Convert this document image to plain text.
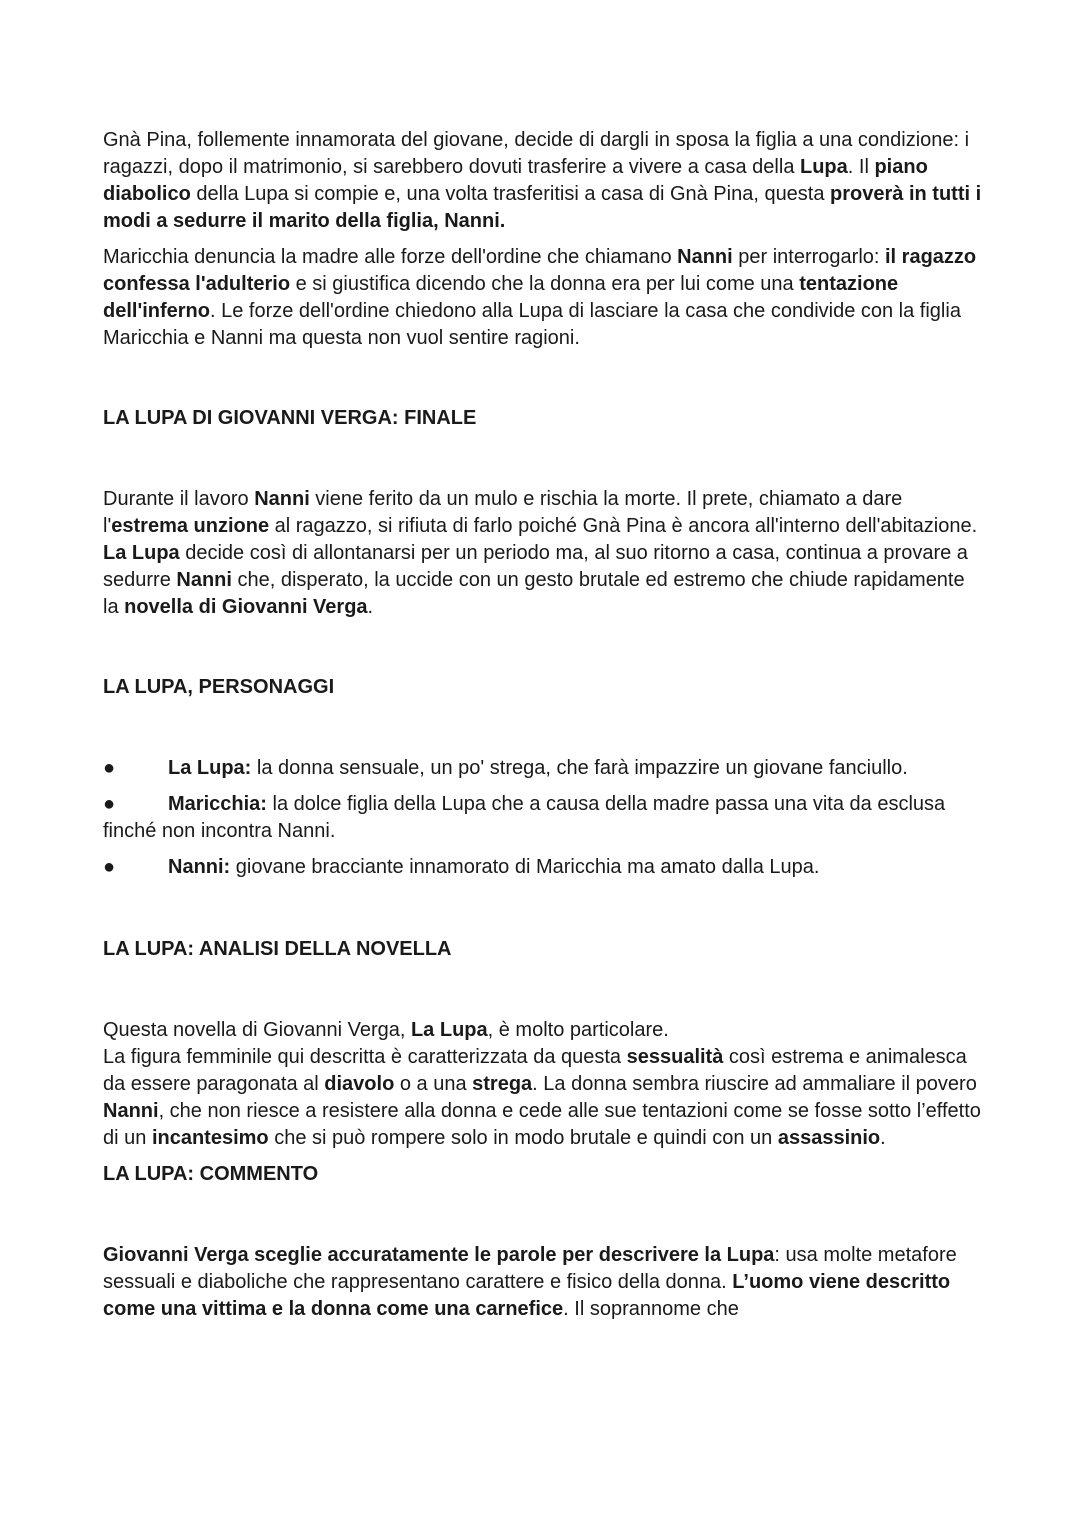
Gnà Pina, follemente innamorata del giovane, decide di dargli in sposa la figlia a una condizione: i ragazzi, dopo il matrimonio, si sarebbero dovuti trasferire a vivere a casa della Lupa. Il piano diabolico della Lupa si compie e, una volta trasferitisi a casa di Gnà Pina, questa proverà in tutti i modi a sedurre il marito della figlia, Nanni.

Maricchia denuncia la madre alle forze dell'ordine che chiamano Nanni per interrogarlo: il ragazzo confessa l'adulterio e si giustifica dicendo che la donna era per lui come una tentazione dell'inferno. Le forze dell'ordine chiedono alla Lupa di lasciare la casa che condivide con la figlia Maricchia e Nanni ma questa non vuol sentire ragioni.

LA LUPA DI GIOVANNI VERGA: FINALE

Durante il lavoro Nanni viene ferito da un mulo e rischia la morte. Il prete, chiamato a dare l'estrema unzione al ragazzo, si rifiuta di farlo poiché Gnà Pina è ancora all'interno dell'abitazione. La Lupa decide così di allontanarsi per un periodo ma, al suo ritorno a casa, continua a provare a sedurre Nanni che, disperato, la uccide con un gesto brutale ed estremo che chiude rapidamente la novella di Giovanni Verga.

LA LUPA, PERSONAGGI
●	La Lupa: la donna sensuale, un po' strega, che farà impazzire un giovane fanciullo.
●	Maricchia: la dolce figlia della Lupa che a causa della madre passa una vita da esclusa finché non incontra Nanni.
●	Nanni: giovane bracciante innamorato di Maricchia ma amato dalla Lupa.
LA LUPA: ANALISI DELLA NOVELLA

Questa novella di Giovanni Verga, La Lupa, è molto particolare.

La figura femminile qui descritta è caratterizzata da questa sessualità così estrema e animalesca da essere paragonata al diavolo o a una strega. La donna sembra riuscire ad ammaliare il povero Nanni, che non riesce a resistere alla donna e cede alle sue tentazioni come se fosse sotto l’effetto di un incantesimo che si può rompere solo in modo brutale e quindi con un assassinio.

LA LUPA: COMMENTO

Giovanni Verga sceglie accuratamente le parole per descrivere la Lupa: usa molte metafore sessuali e diaboliche che rappresentano carattere e fisico della donna. L’uomo viene descritto come una vittima e la donna come una carnefice. Il soprannome che
